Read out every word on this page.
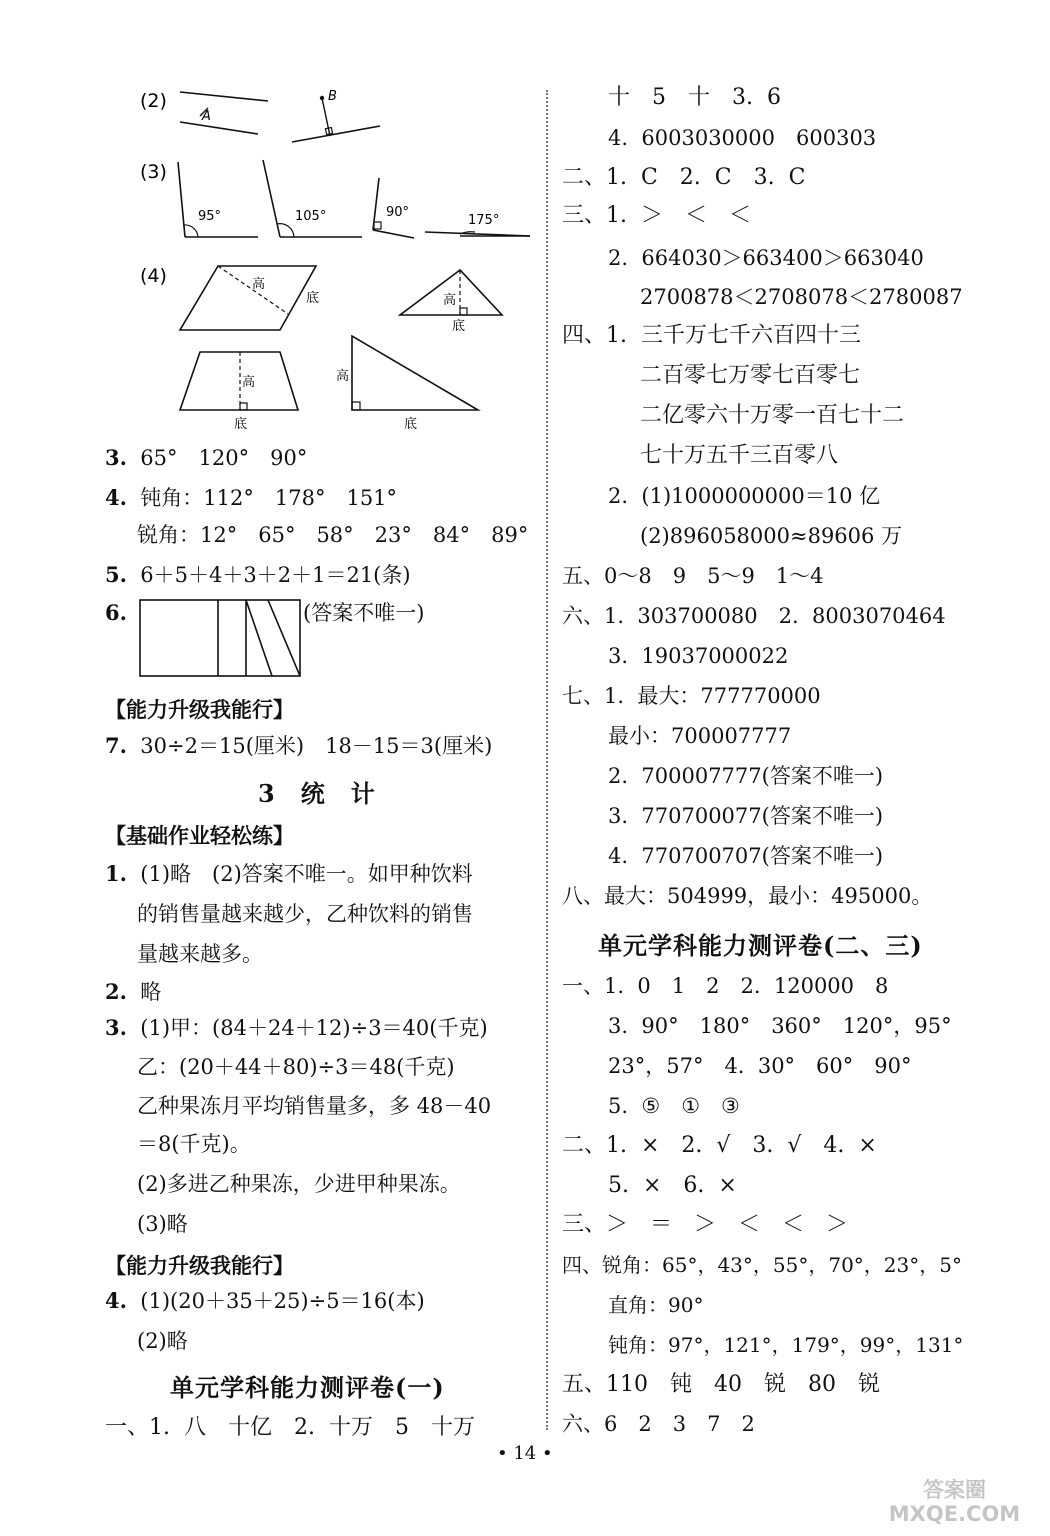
(2)
A
B
(3)
95°	105°	90°
175°
(4)	高
底	高
底
高
底
高
底
3. 65°　120°　90°
4. 钝角：112°　178°　151°
锐角：12°　65°　58°　23°　84°　89°
5. 6＋5＋4＋3＋2＋1＝21(条)
6.	(答案不唯一)
【能力升级我能行】
7. 30÷2＝15(厘米)　18－15＝3(厘米)
3　统　计
【基础作业轻松练】
1. (1)略　(2)答案不唯一。如甲种饮料
的销售量越来越少，乙种饮料的销售
量越来越多。
2. 略
3. (1)甲：(84＋24＋12)÷3＝40(千克)
乙：(20＋44＋80)÷3＝48(千克)
乙种果冻月平均销售量多，多 48－40
＝8(千克)。
(2)多进乙种果冻，少进甲种果冻。
(3)略
【能力升级我能行】
4. (1)(20＋35＋25)÷5＝16(本)
(2)略
单元学科能力测评卷(一)
一、1.  八　十亿　2.  十万　5　十万
十　5　十　3.  6
4.  6003030000　600303
二、1.  C　2.  C　3.  C
三、1.  ＞　＜　＜
2.  664030＞663400＞663040
2700878＜2708078＜2780087
四、1.  三千万七千六百四十三
二百零七万零七百零七
二亿零六十万零一百七十二
七十万五千三百零八
2.  (1)1000000000＝10 亿
(2)896058000≈89606 万
五、0～8　9　5～9　1～4
六、1.  303700080　2.  8003070464
3.  19037000022
七、1.  最大：777770000
最小：700007777
2.  700007777(答案不唯一)
3.  770700077(答案不唯一)
4.  770700707(答案不唯一)
八、最大：504999，最小：495000。
单元学科能力测评卷(二、三)
一、1.  0　1　2　2.  120000　8
3.  90°　180°　360°　120°，95°
23°，57°　4.  30°　60°　90°
5.  ⑤　①　③
二、1.  ×　2.  √　3.  √　4.  ×
5.  ×　6.  ×
三、＞　＝　＞　＜　＜　＞
四、锐角：65°，43°，55°，70°，23°，5°
直角：90°
钝角：97°，121°，179°，99°，131°
五、110　钝　40　锐　80　锐
六、6　2　3　7　2
• 14 •
答案圈 MXQE.COM
